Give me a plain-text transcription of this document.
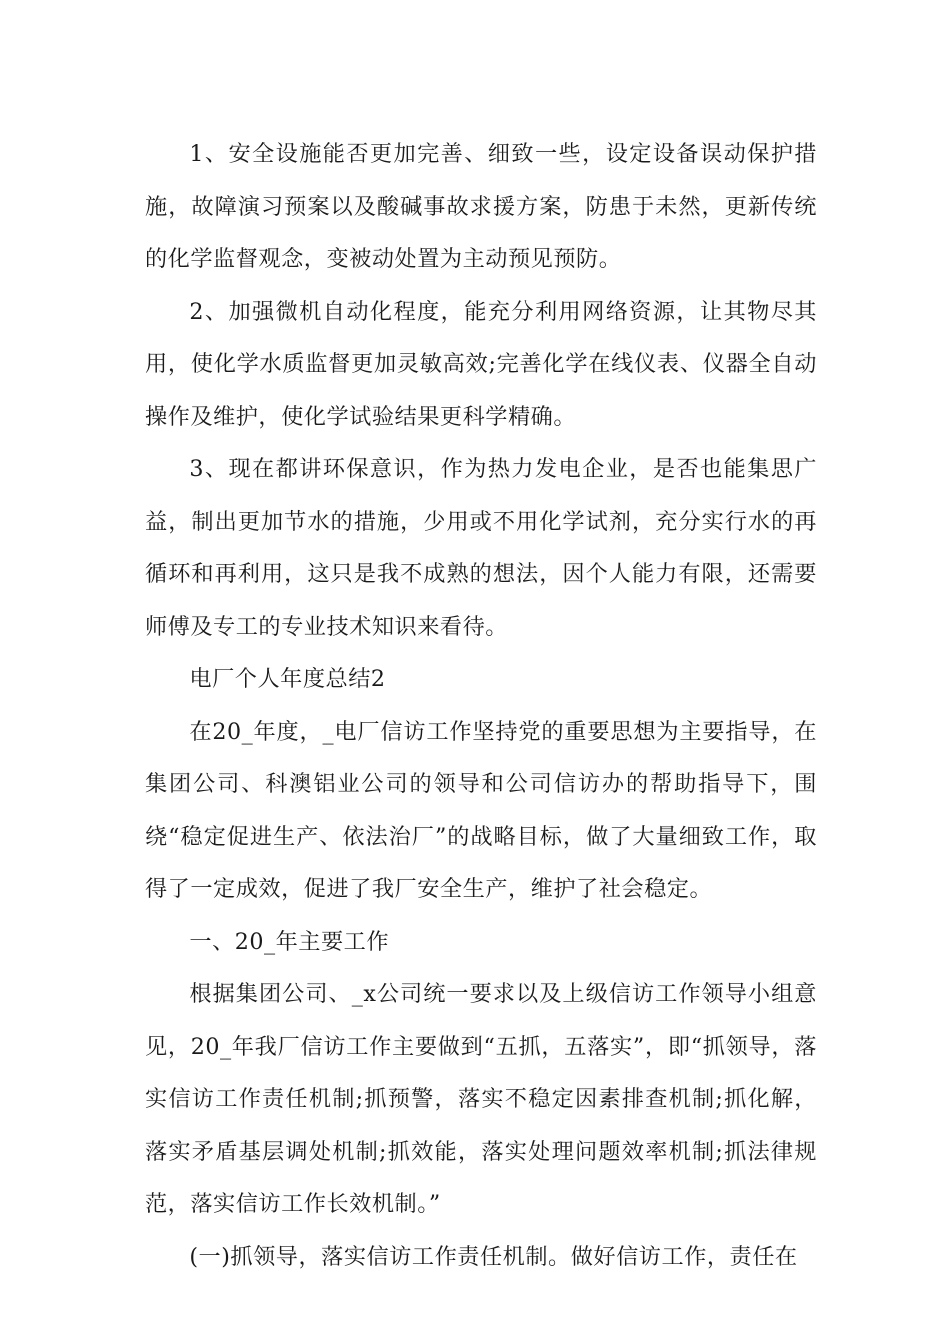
1、安全设施能否更加完善、细致一些，设定设备误动保护措施，故障演习预案以及酸碱事故求援方案，防患于未然，更新传统的化学监督观念，变被动处置为主动预见预防。

2、加强微机自动化程度，能充分利用网络资源，让其物尽其用，使化学水质监督更加灵敏高效;完善化学在线仪表、仪器全自动操作及维护，使化学试验结果更科学精确。

3、现在都讲环保意识，作为热力发电企业，是否也能集思广益，制出更加节水的措施，少用或不用化学试剂，充分实行水的再循环和再利用，这只是我不成熟的想法，因个人能力有限，还需要师傅及专工的专业技术知识来看待。

电厂个人年度总结2

在20_年度，_电厂信访工作坚持党的重要思想为主要指导，在集团公司、科澳铝业公司的领导和公司信访办的帮助指导下，围绕“稳定促进生产、依法治厂”的战略目标，做了大量细致工作，取得了一定成效，促进了我厂安全生产，维护了社会稳定。

一、20_年主要工作

根据集团公司、_x公司统一要求以及上级信访工作领导小组意见，20_年我厂信访工作主要做到“五抓，五落实”，即“抓领导，落实信访工作责任机制;抓预警，落实不稳定因素排查机制;抓化解，落实矛盾基层调处机制;抓效能，落实处理问题效率机制;抓法律规范，落实信访工作长效机制。”

(一)抓领导，落实信访工作责任机制。做好信访工作，责任在
